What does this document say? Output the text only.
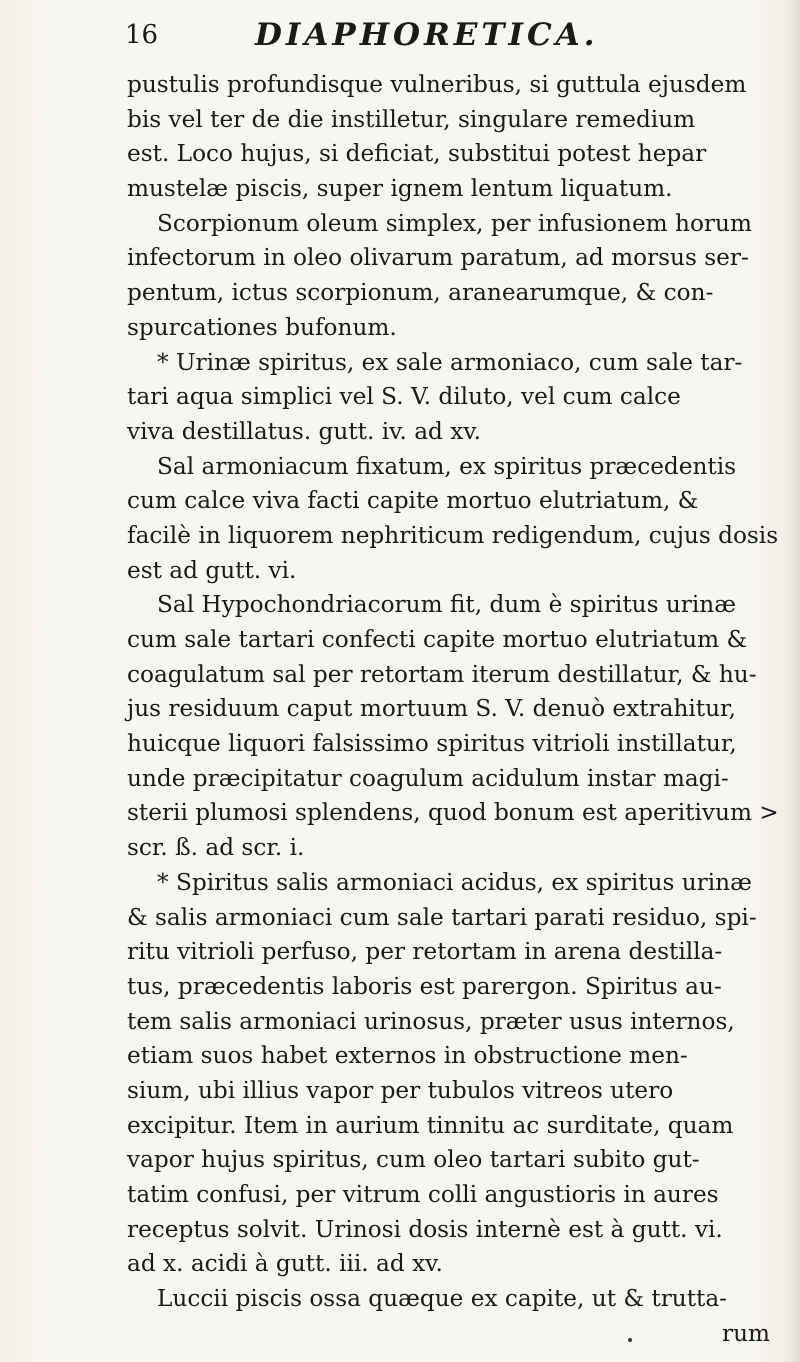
16	DIAPHORETICA.
pustulis profundisque vulneribus, si guttula ejusdem
bis vel ter de die instilletur, singulare remedium
est. Loco hujus, si deficiat, substitui potest hepar
mustelæ piscis, super ignem lentum liquatum.
Scorpionum oleum simplex, per infusionem horum
infectorum in oleo olivarum paratum, ad morsus ser-
pentum, ictus scorpionum, aranearumque, & con-
spurcationes bufonum.
* Urinæ spiritus, ex sale armoniaco, cum sale tar-
tari aqua simplici vel S. V. diluto, vel cum calce
viva destillatus. gutt. iv. ad xv.
Sal armoniacum fixatum, ex spiritus præcedentis
cum calce viva facti capite mortuo elutriatum, &
facilè in liquorem nephriticum redigendum, cujus dosis
est ad gutt. vi.
Sal Hypochondriacorum fit, dum è spiritus urinæ
cum sale tartari confecti capite mortuo elutriatum &
coagulatum sal per retortam iterum destillatur, & hu-
jus residuum caput mortuum S. V. denuò extrahitur,
huicque liquori falsissimo spiritus vitrioli instillatur,
unde præcipitatur coagulum acidulum instar magi-
sterii plumosi splendens, quod bonum est aperitivum >
scr. ß. ad scr. i.
* Spiritus salis armoniaci acidus, ex spiritus urinæ
& salis armoniaci cum sale tartari parati residuo, spi-
ritu vitrioli perfuso, per retortam in arena destilla-
tus, præcedentis laboris est parergon. Spiritus au-
tem salis armoniaci urinosus, præter usus internos,
etiam suos habet externos in obstructione men-
sium, ubi illius vapor per tubulos vitreos utero
excipitur. Item in aurium tinnitu ac surditate, quam
vapor hujus spiritus, cum oleo tartari subito gut-
tatim confusi, per vitrum colli angustioris in aures
receptus solvit. Urinosi dosis internè est à gutt. vi.
ad x. acidi à gutt. iii. ad xv.
Luccii piscis ossa quæque ex capite, ut & trutta-
rum
